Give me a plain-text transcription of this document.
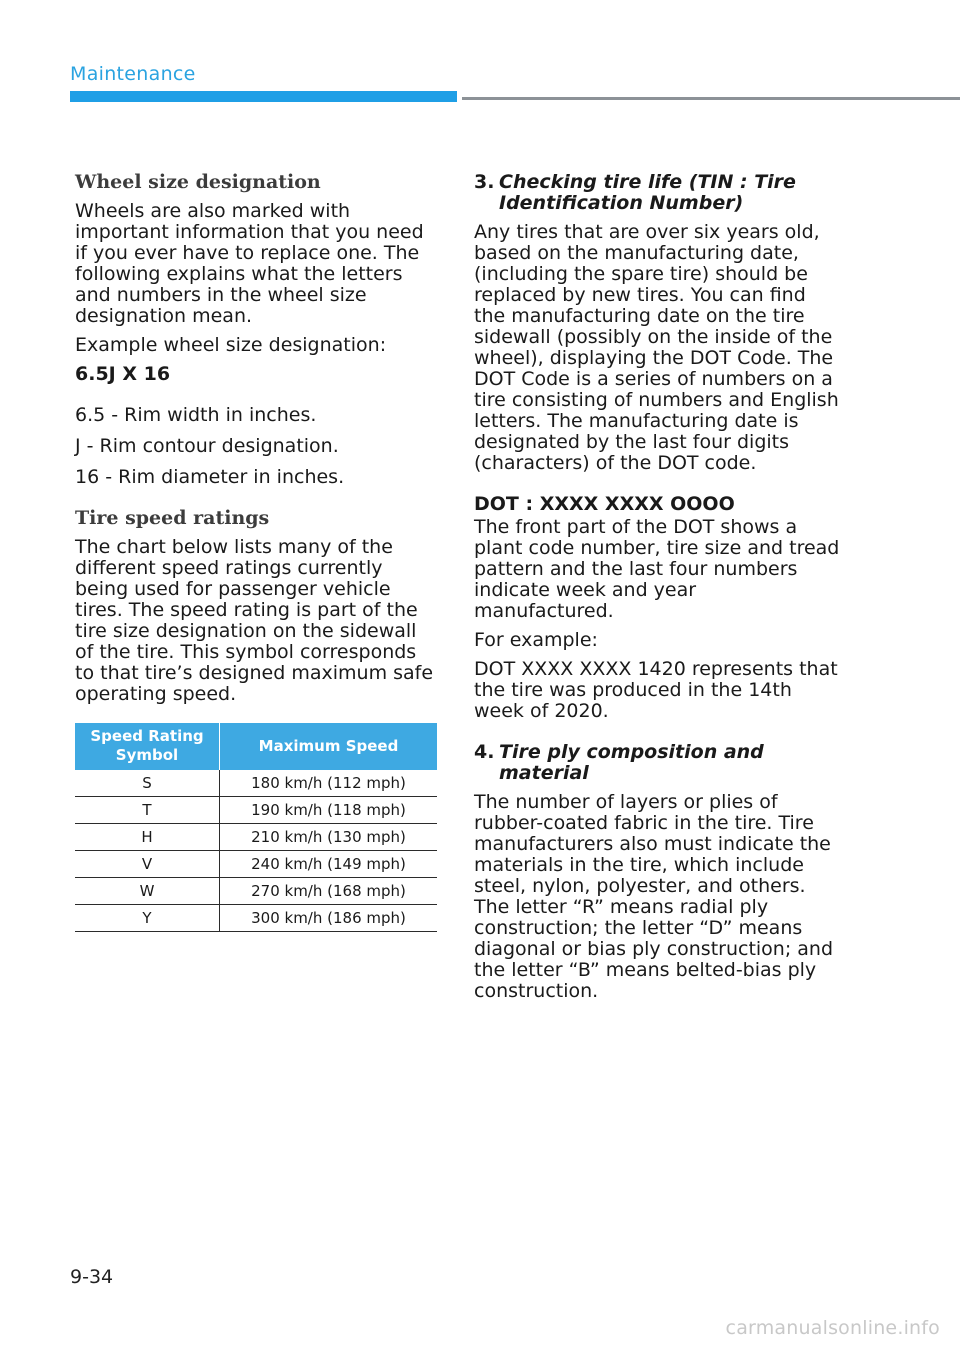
Maintenance
Wheel size designation

Wheels are also marked with important information that you need if you ever have to replace one. The following explains what the letters and numbers in the wheel size designation mean.

Example wheel size designation:

6.5J X 16

6.5 - Rim width in inches.

J - Rim contour designation.

16 - Rim diameter in inches.

Tire speed ratings

The chart below lists many of the different speed ratings currently being used for passenger vehicle tires. The speed rating is part of the tire size designation on the sidewall of the tire. This symbol corresponds to that tire’s designed maximum safe operating speed.

Speed Rating Symbol	Maximum Speed
S	180 km/h (112 mph)
T	190 km/h (118 mph)
H	210 km/h (130 mph)
V	240 km/h (149 mph)
W	270 km/h (168 mph)
Y	300 km/h (186 mph)
3. Checking tire life (TIN : Tire Identification Number)

Any tires that are over six years old, based on the manufacturing date, (including the spare tire) should be replaced by new tires. You can find the manufacturing date on the tire sidewall (possibly on the inside of the wheel), displaying the DOT Code. The DOT Code is a series of numbers on a tire consisting of numbers and English letters. The manufacturing date is designated by the last four digits (characters) of the DOT code.

DOT : XXXX XXXX OOOO

The front part of the DOT shows a plant code number, tire size and tread pattern and the last four numbers indicate week and year manufactured.

For example:

DOT XXXX XXXX 1420 represents that the tire was produced in the 14th week of 2020.

4. Tire ply composition and material

The number of layers or plies of rubber-coated fabric in the tire. Tire manufacturers also must indicate the materials in the tire, which include steel, nylon, polyester, and others. The letter “R” means radial ply construction; the letter “D” means diagonal or bias ply construction; and the letter “B” means belted-bias ply construction.

9-34
carmanualsonline.info
